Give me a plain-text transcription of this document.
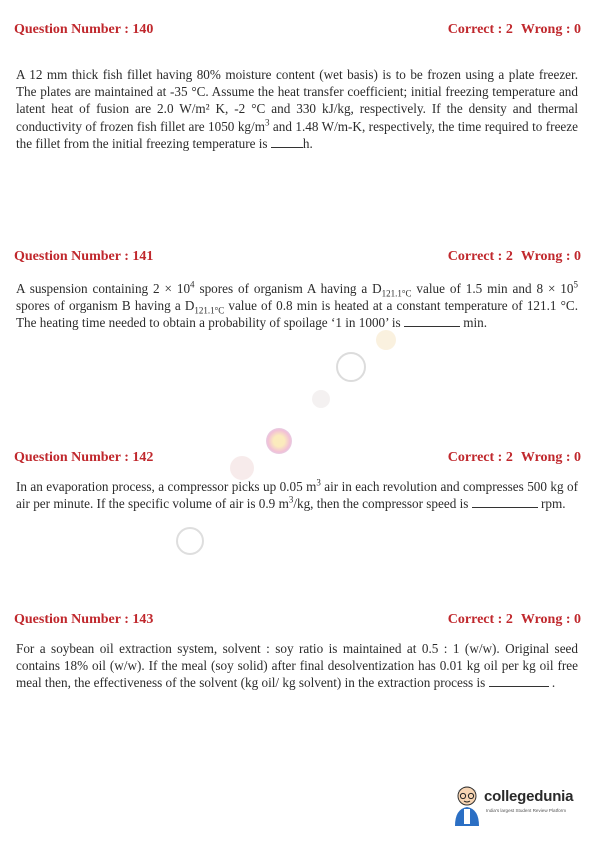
Question Number : 140	Correct : 2 Wrong : 0
A 12 mm thick fish fillet having 80% moisture content (wet basis) is to be frozen using a plate freezer. The plates are maintained at -35 °C. Assume the heat transfer coefficient; initial freezing temperature and latent heat of fusion are 2.0 W/m² K, -2 °C and 330 kJ/kg, respectively. If the density and thermal conductivity of frozen fish fillet are 1050 $kg/m^3$ and 1.48 W/m-K, respectively, the time required to freeze the fillet from the initial freezing temperature is h.
Question Number : 141	Correct : 2 Wrong : 0
A suspension containing $2 \times 10^4$ spores of organism A having a $D_{121.1^\circ C}$ value of 1.5 min and $8 \times 10^5$ spores of organism B having a $D_{121.1^\circ C}$ value of 0.8 min is heated at a constant temperature of 121.1 °C. The heating time needed to obtain a probability of spoilage ‘1 in 1000’ is	min.
Question Number : 142	Correct : 2 Wrong : 0
In an evaporation process, a compressor picks up 0.05 $m^3$ air in each revolution and compresses 500 kg of air per minute. If the specific volume of air is 0.9 $m^3/kg$, then the compressor speed is	rpm.
Question Number : 143	Correct : 2 Wrong : 0
For a soybean oil extraction system, solvent : soy ratio is maintained at 0.5 : 1 (w/w). Original seed contains 18% oil (w/w). If the meal (soy solid) after final desolventization has 0.01 kg oil per kg oil free meal then, the effectiveness of the solvent (kg oil/ kg solvent) in the extraction process is	.
collegedunia
India's largest Student Review Platform
